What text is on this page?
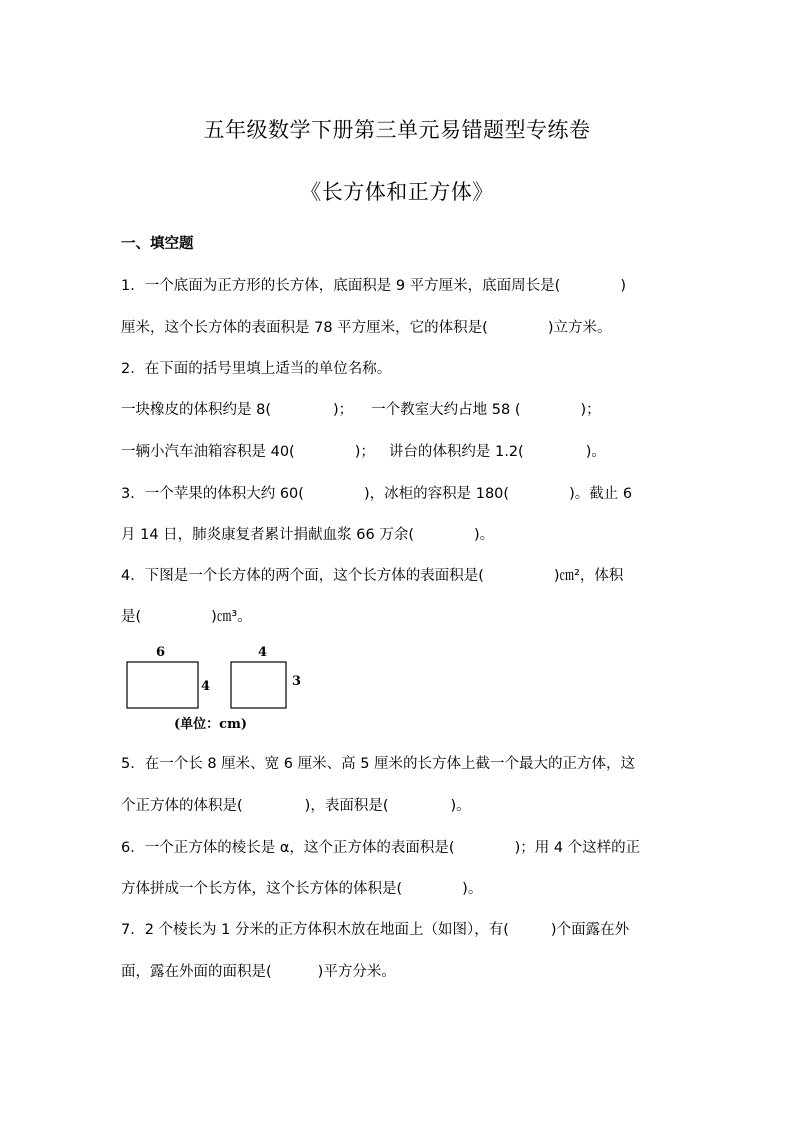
五年级数学下册第三单元易错题型专练卷
《长方体和正方体》
一、填空题
1．一个底面为正方形的长方体，底面积是 9 平方厘米，底面周长是(	)
厘米，这个长方体的表面积是 78 平方厘米，它的体积是(	)立方米。
2．在下面的括号里填上适当的单位名称。
一块橡皮的体积约是 8(	)； 一个教室大约占地 58 (	)；
一辆小汽车油箱容积是 40(	)； 讲台的体积约是 1.2(	)。
3．一个苹果的体积大约 60(	)，冰柜的容积是 180(	)。截止 6
月 14 日，肺炎康复者累计捐献血浆 66 万余(	)。
4．下图是一个长方体的两个面，这个长方体的表面积是(	)㎝²，体积
是(	)㎝³。
6
4
4
3
(单位：cm)
5．在一个长 8 厘米、宽 6 厘米、高 5 厘米的长方体上截一个最大的正方体，这
个正方体的体积是(	)，表面积是(	)。
6．一个正方体的棱长是 α，这个正方体的表面积是(	)；用 4 个这样的正
方体拼成一个长方体，这个长方体的体积是(	)。
7．2 个棱长为 1 分米的正方体积木放在地面上（如图），有(	)个面露在外
面，露在外面的面积是(	)平方分米。
